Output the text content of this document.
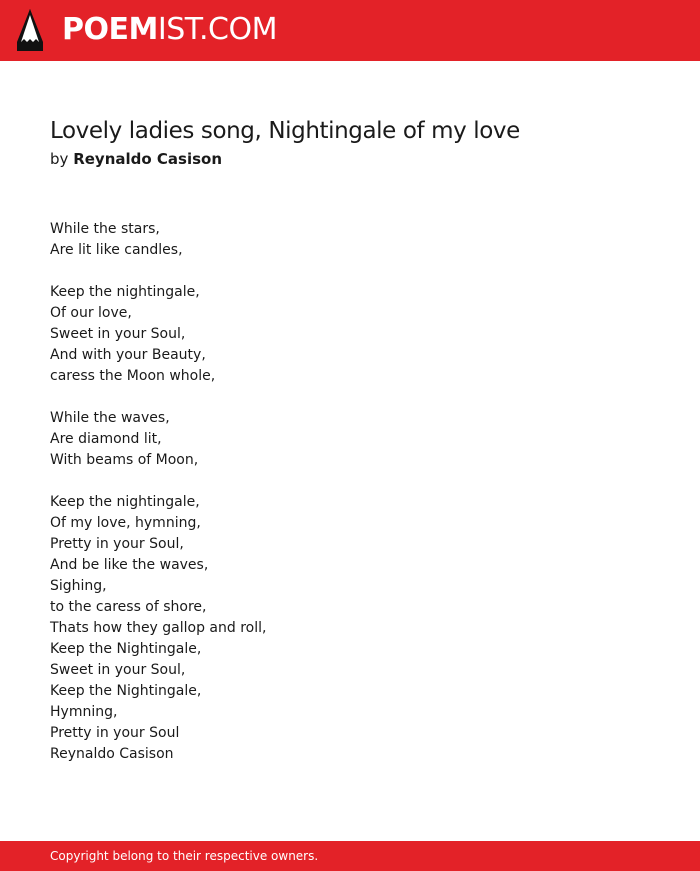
POEMIST.COM
Lovely ladies song, Nightingale of my love
by Reynaldo Casison
While the stars,
Are lit like candles,
Keep the nightingale,
Of our love,
Sweet in your Soul,
And with your Beauty,
caress the Moon whole,
While the waves,
Are diamond lit,
With beams of Moon,
Keep the nightingale,
Of my love, hymning,
Pretty in your Soul,
And be like the waves,
Sighing,
to the caress of shore,
Thats how they gallop and roll,
Keep the Nightingale,
Sweet in your Soul,
Keep the Nightingale,
Hymning,
Pretty in your Soul
Reynaldo Casison
Copyright belong to their respective owners.
